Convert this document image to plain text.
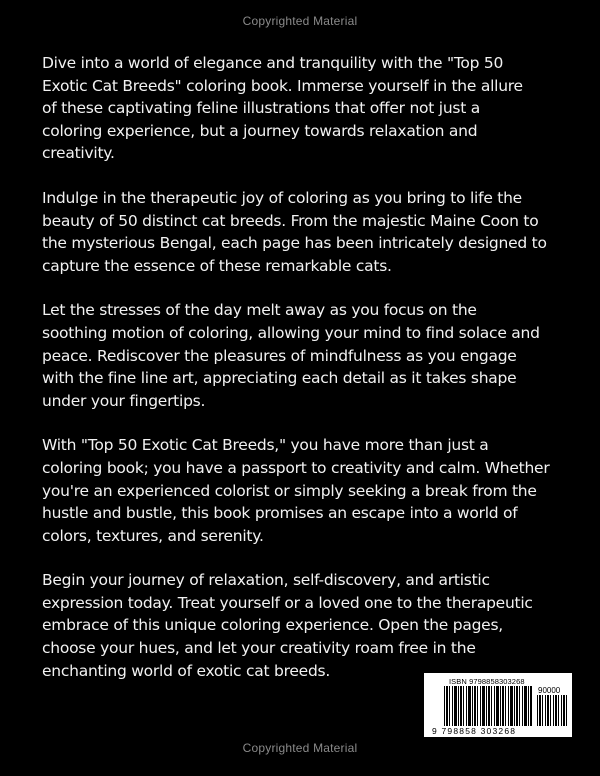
Copyrighted Material

Dive into a world of elegance and tranquility with the "Top 50
Exotic Cat Breeds" coloring book. Immerse yourself in the allure
of these captivating feline illustrations that offer not just a
coloring experience, but a journey towards relaxation and
creativity.

Indulge in the therapeutic joy of coloring as you bring to life the
beauty of 50 distinct cat breeds. From the majestic Maine Coon to
the mysterious Bengal, each page has been intricately designed to
capture the essence of these remarkable cats.

Let the stresses of the day melt away as you focus on the
soothing motion of coloring, allowing your mind to find solace and
peace. Rediscover the pleasures of mindfulness as you engage
with the fine line art, appreciating each detail as it takes shape
under your fingertips.

With "Top 50 Exotic Cat Breeds," you have more than just a
coloring book; you have a passport to creativity and calm. Whether
you're an experienced colorist or simply seeking a break from the
hustle and bustle, this book promises an escape into a world of
colors, textures, and serenity.

Begin your journey of relaxation, self-discovery, and artistic
expression today. Treat yourself or a loved one to the therapeutic
embrace of this unique coloring experience. Open the pages,
choose your hues, and let your creativity roam free in the
enchanting world of exotic cat breeds.

ISBN 9798858303268
90000
9 798858 303268
Copyrighted Material
